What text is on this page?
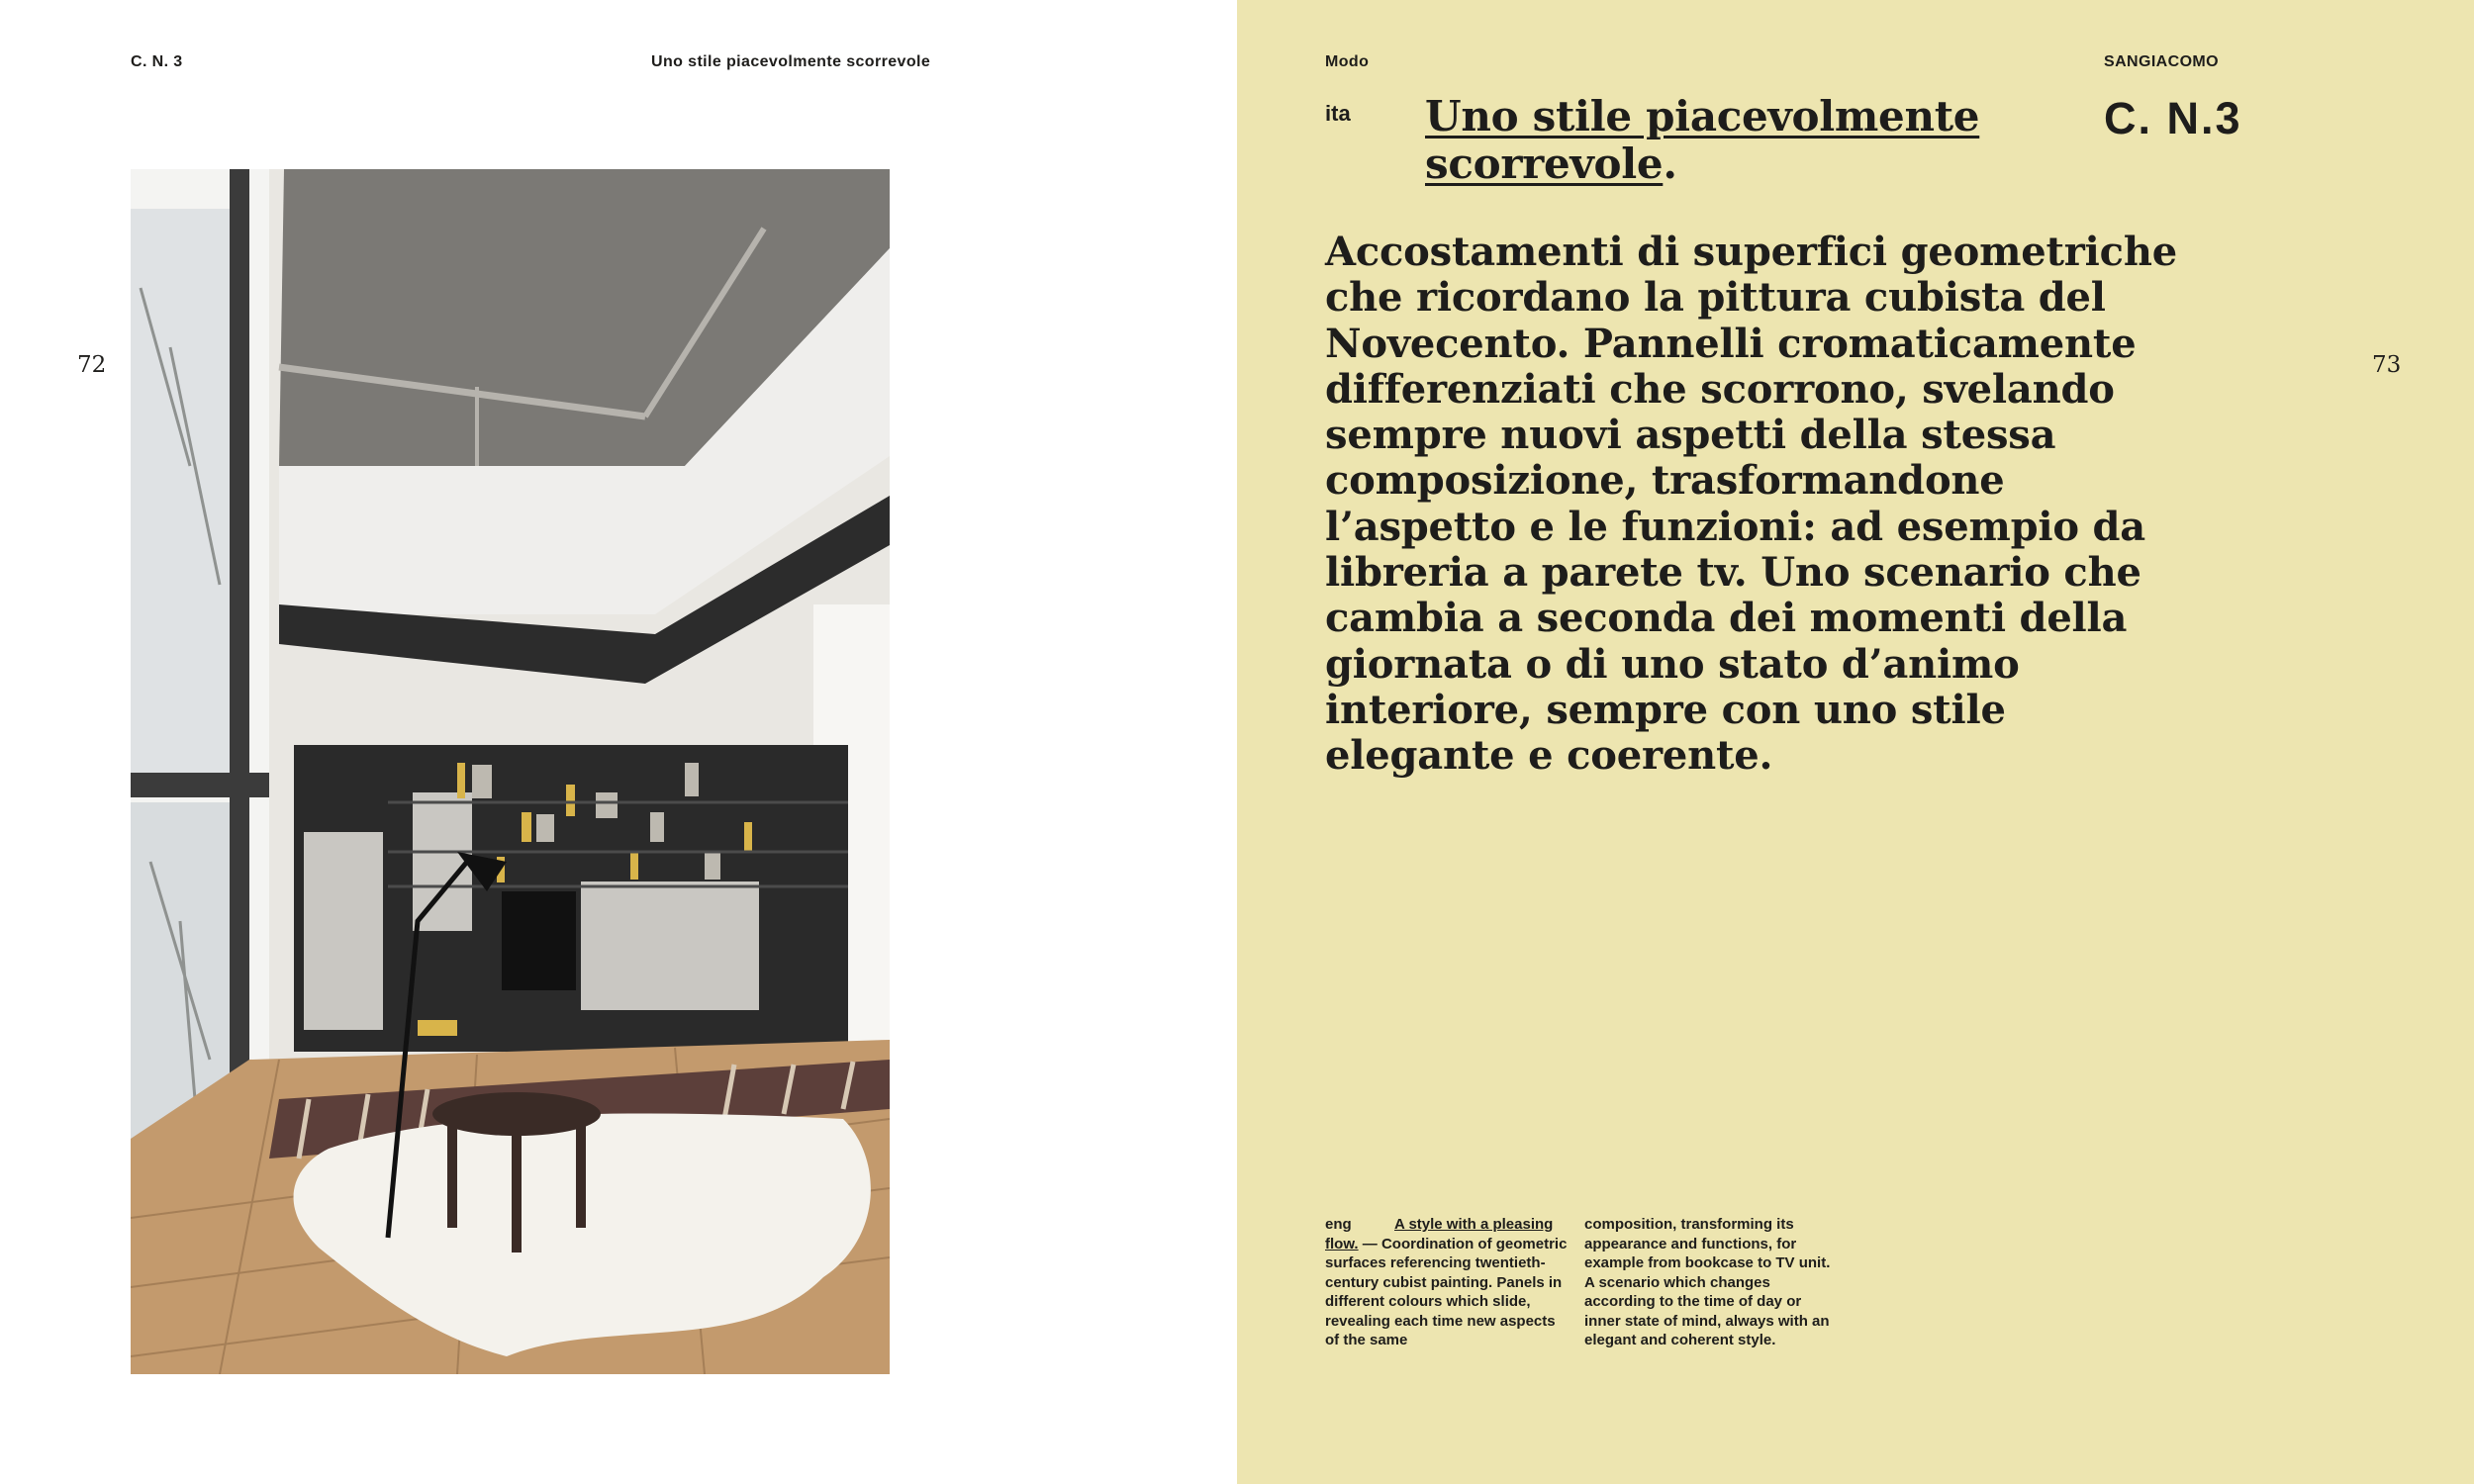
C. N. 3	Uno stile piacevolmente scorrevole
72
Modo	SANGIACOMO
73
ita Uno stile piacevolmente scorrevole.
C. N.3

Accostamenti di superfici geometriche che ricordano la pittura cubista del Novecento. Pannelli cromaticamente differenziati che scorrono, svelando sempre nuovi aspetti della stessa composizione, trasformandone l’aspetto e le funzioni: ad esempio da libreria a parete tv. Uno scenario che cambia a seconda dei momenti della giornata o di uno stato d’animo interiore, sempre con uno stile elegante e coerente.

eng	A style with a pleasing flow. — Coordination of geometric surfaces referencing twentieth-century cubist painting. Panels in different colours which slide, revealing each time new aspects of the same

composition, transforming its appearance and functions, for example from bookcase to TV unit. A scenario which changes according to the time of day or inner state of mind, always with an elegant and coherent style.
